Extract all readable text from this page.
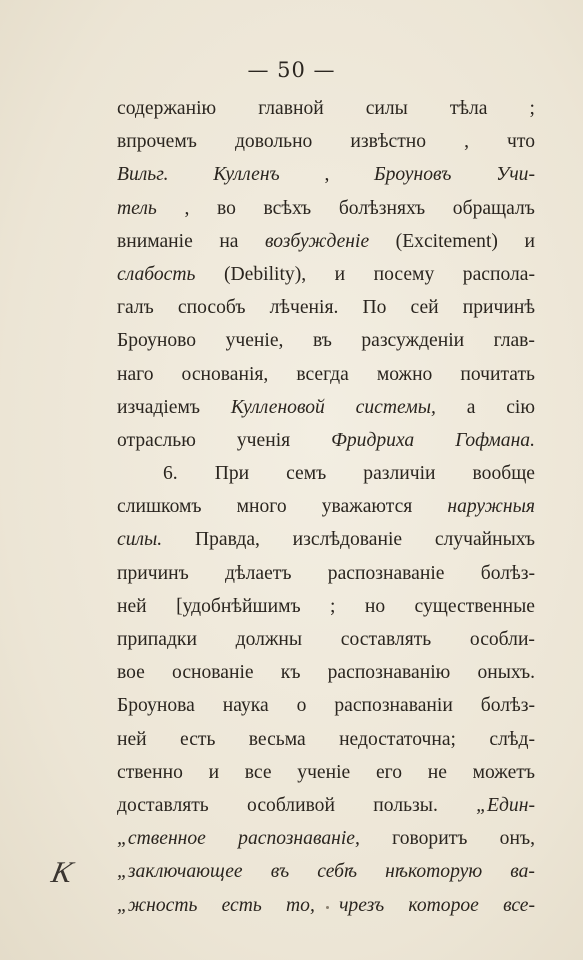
— 50 —
содержанію главной силы тѣла ;
впрочемъ довольно извѣстно , что
Вильг. Кулленъ , Броуновъ Учи-
тель , во всѣхъ болѣзняхъ обращалъ
вниманіе на возбужденіе (Excitement) и
слабость (Debility), и посему распола-
галъ способъ лѣченія. По сей причинѣ
Броуново ученіе, въ разсужденіи глав-
наго основанія, всегда можно почитать
изчадіемъ Кулленовой системы, а сію
отраслью ученія Фридриха Гофмана.
6. При семъ различіи вообще
слишкомъ много уважаются наружныя
силы. Правда, изслѣдованіе случайныхъ
причинъ дѣлаетъ распознаваніе болѣз-
ней [удобнѣйшимъ ; но существенные
припадки должны составлять особли-
вое основаніе къ распознаванію оныхъ.
Броунова наука о распознаваніи болѣз-
ней есть весьма недостаточна; слѣд-
ственно и все ученіе его не можетъ
доставлять особливой пользы. „Един-
„ственное распознаваніе, говоритъ онъ,
„заключающее въ себѣ нѣкоторую ва-
„жность есть то, чрезъ которое все-
K
